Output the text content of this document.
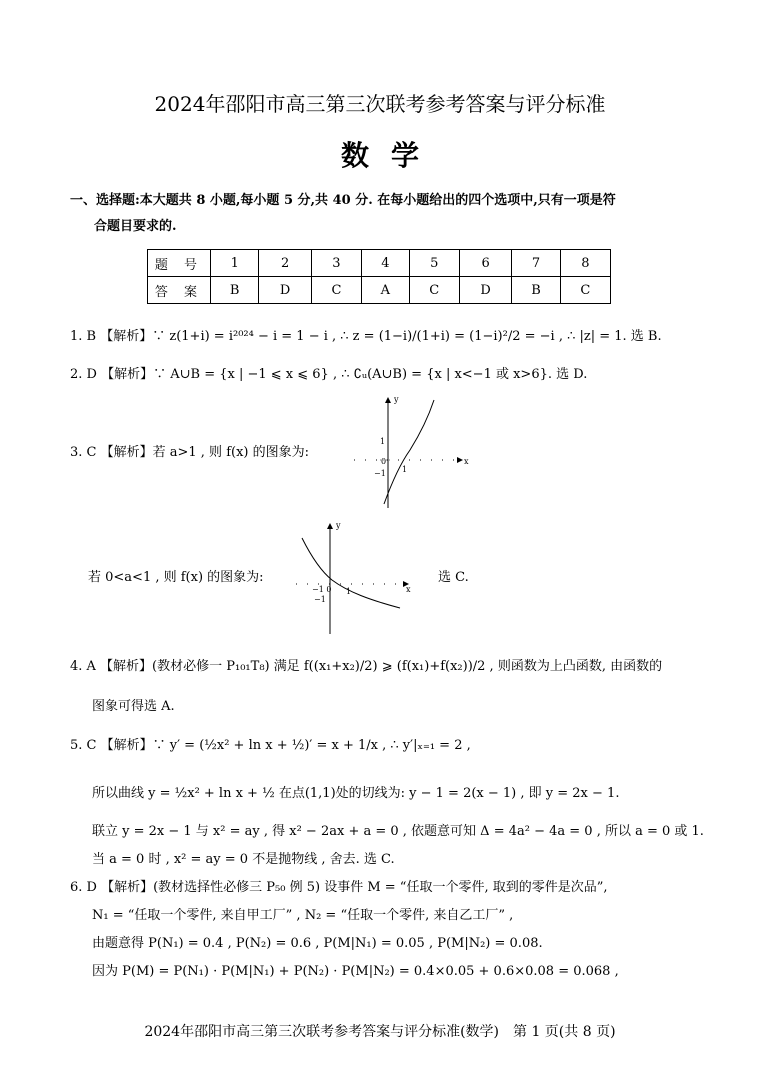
2024年邵阳市高三第三次联考参考答案与评分标准
数学
一、选择题:本大题共 8 小题,每小题 5 分,共 40 分. 在每小题给出的四个选项中,只有一项是符
合题目要求的.
题 号	1	2	3	4	5	6	7	8
答 案	B	D	C	A	C	D	B	C
1. B 【解析】∵ z(1+i) = i²⁰²⁴ − i = 1 − i , ∴ z = (1−i)/(1+i) = (1−i)²/2 = −i , ∴ |z| = 1. 选 B.
2. D 【解析】∵ A∪B = {x | −1 ⩽ x ⩽ 6} , ∴ ∁ᵤ(A∪B) = {x | x<−1 或 x>6}. 选 D.
3. C 【解析】若 a>1 , 则 f(x) 的图象为:
y
x
1
0
−1 1
若 0<a<1 , 则 f(x) 的图象为:
y
x
−1 0
−1
1
选 C.
4. A 【解析】(教材必修一 P₁₀₁T₈) 满足 f((x₁+x₂)/2) ⩾ (f(x₁)+f(x₂))/2 , 则函数为上凸函数, 由函数的
图象可得选 A.
5. C 【解析】∵ y′ = (½x² + ln x + ½)′ = x + 1/x , ∴ y′|ₓ₌₁ = 2 ,
所以曲线 y = ½x² + ln x + ½ 在点(1,1)处的切线为: y − 1 = 2(x − 1) , 即 y = 2x − 1.
联立 y = 2x − 1 与 x² = ay , 得 x² − 2ax + a = 0 , 依题意可知 Δ = 4a² − 4a = 0 , 所以 a = 0 或 1.
当 a = 0 时 , x² = ay = 0 不是抛物线 , 舍去. 选 C.
6. D 【解析】(教材选择性必修三 P₅₀ 例 5) 设事件 M = “任取一个零件, 取到的零件是次品”,
N₁ = “任取一个零件, 来自甲工厂” , N₂ = “任取一个零件, 来自乙工厂” ,
由题意得 P(N₁) = 0.4 , P(N₂) = 0.6 , P(M|N₁) = 0.05 , P(M|N₂) = 0.08.
因为 P(M) = P(N₁) · P(M|N₁) + P(N₂) · P(M|N₂) = 0.4×0.05 + 0.6×0.08 = 0.068 ,
2024年邵阳市高三第三次联考参考答案与评分标准(数学)　第 1 页(共 8 页)
